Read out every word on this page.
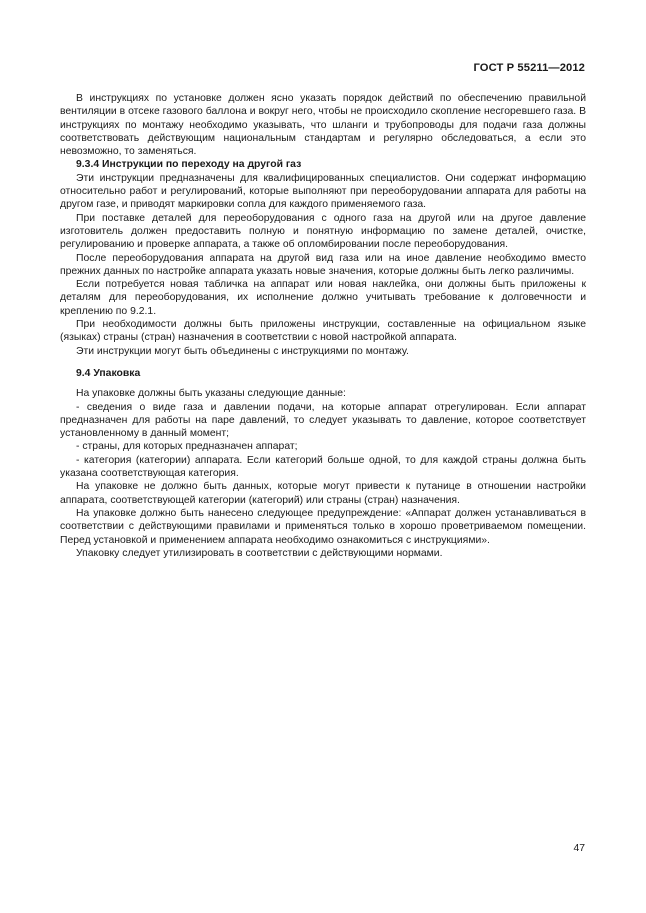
ГОСТ Р 55211—2012

В инструкциях по установке должен ясно указать порядок действий по обеспечению правильной вентиляции в отсеке газового баллона и вокруг него, чтобы не происходило скопление несгоревшего газа. В инструкциях по монтажу необходимо указывать, что шланги и трубопроводы для подачи газа должны соответствовать действующим национальным стандартам и регулярно обследоваться, а если это невозможно, то заменяться.

9.3.4 Инструкции по переходу на другой газ

Эти инструкции предназначены для квалифицированных специалистов. Они содержат информацию относительно работ и регулирований, которые выполняют при переоборудовании аппарата для работы на другом газе, и приводят маркировки сопла для каждого применяемого газа.

При поставке деталей для переоборудования с одного газа на другой или на другое давление изготовитель должен предоставить полную и понятную информацию по замене деталей, очистке, регулированию и проверке аппарата, а также об опломбировании после переоборудования.

После переоборудования аппарата на другой вид газа или на иное давление необходимо вместо прежних данных по настройке аппарата указать новые значения, которые должны быть легко различимы.

Если потребуется новая табличка на аппарат или новая наклейка, они должны быть приложены к деталям для переоборудования, их исполнение должно учитывать требование к долговечности и креплению по 9.2.1.

При необходимости должны быть приложены инструкции, составленные на официальном языке (языках) страны (стран) назначения в соответствии с новой настройкой аппарата.

Эти инструкции могут быть объединены с инструкциями по монтажу.

9.4 Упаковка

На упаковке должны быть указаны следующие данные:

- сведения о виде газа и давлении подачи, на которые аппарат отрегулирован. Если аппарат предназначен для работы на паре давлений, то следует указывать то давление, которое соответствует установленному в данный момент;

- страны, для которых предназначен аппарат;

- категория (категории) аппарата. Если категорий больше одной, то для каждой страны должна быть указана соответствующая категория.

На упаковке не должно быть данных, которые могут привести к путанице в отношении настройки аппарата, соответствующей категории (категорий) или страны (стран) назначения.

На упаковке должно быть нанесено следующее предупреждение: «Аппарат должен устанавливаться в соответствии с действующими правилами и применяться только в хорошо проветриваемом помещении. Перед установкой и применением аппарата необходимо ознакомиться с инструкциями».

Упаковку следует утилизировать в соответствии с действующими нормами.

47
